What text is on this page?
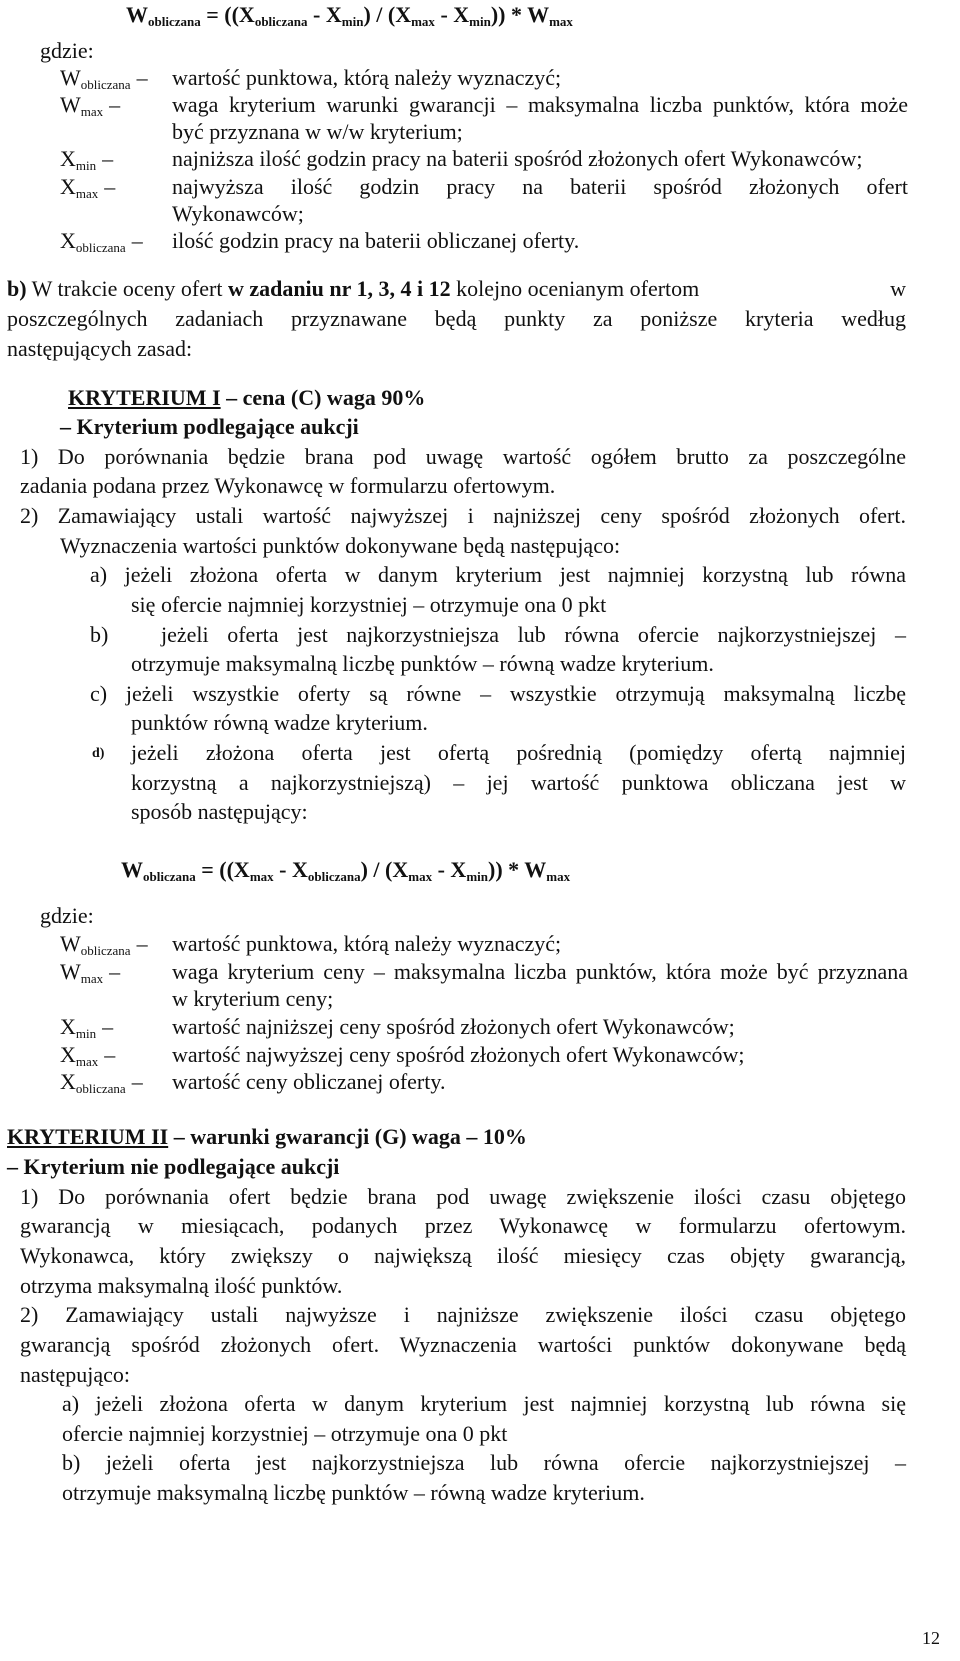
$W_{obliczana} = ((X_{obliczana} - X_{min}) / (X_{max} - X_{min})) * W_{max}$
gdzie:
$W_{obliczana}$ – wartość punktowa, którą należy wyznaczyć;
$W_{max}$ – waga kryterium warunki gwarancji – maksymalna liczba punktów, która może
być przyznana w w/w kryterium;
$X_{min}$ –	najniższa ilość godzin pracy na baterii spośród złożonych ofert Wykonawców;
$X_{max}$ –	najwyższa ilość godzin pracy na baterii spośród złożonych ofert
Wykonawców;
$X_{obliczana}$ – ilość godzin pracy na baterii obliczanej oferty.
b) W trakcie oceny ofert w zadaniu nr 1, 3, 4 i 12 kolejno ocenianym ofertom	w
poszczególnych zadaniach przyznawane będą punkty za poniższe kryteria według
następujących zasad:
KRYTERIUM I – cena (C) waga 90%
– Kryterium podlegające aukcji
1) Do porównania będzie brana pod uwagę wartość ogółem brutto za poszczególne
zadania podana przez Wykonawcę w formularzu ofertowym.
2) Zamawiający ustali wartość najwyższej i najniższej ceny spośród złożonych ofert.
Wyznaczenia wartości punktów dokonywane będą następująco:
a) jeżeli złożona oferta w danym kryterium jest najmniej korzystną lub równa
się ofercie najmniej korzystniej – otrzymuje ona 0 pkt
b) jeżeli oferta jest najkorzystniejsza lub równa ofercie najkorzystniejszej –
otrzymuje maksymalną liczbę punktów – równą wadze kryterium.
c) jeżeli wszystkie oferty są równe – wszystkie otrzymują maksymalną liczbę
punktów równą wadze kryterium.
d) jeżeli złożona oferta jest ofertą pośrednią (pomiędzy ofertą najmniej
korzystną a najkorzystniejszą) – jej wartość punktowa obliczana jest w
sposób następujący:
$W_{obliczana} = ((X_{max} - X_{obliczana}) / (X_{max} - X_{min})) * W_{max}$
gdzie:
$W_{obliczana}$ – wartość punktowa, którą należy wyznaczyć;
$W_{max}$ – waga kryterium ceny – maksymalna liczba punktów, która może być przyznana
w kryterium ceny;
$X_{min}$ –	wartość najniższej ceny spośród złożonych ofert Wykonawców;
$X_{max}$ –	wartość najwyższej ceny spośród złożonych ofert Wykonawców;
$X_{obliczana}$ – wartość ceny obliczanej oferty.
KRYTERIUM II – warunki gwarancji (G) waga – 10%
– Kryterium nie podlegające aukcji
1) Do porównania ofert będzie brana pod uwagę zwiększenie ilości czasu objętego
gwarancją w miesiącach, podanych przez Wykonawcę w formularzu ofertowym.
Wykonawca, który zwiększy o największą ilość miesięcy czas objęty gwarancją,
otrzyma maksymalną ilość punktów.
2) Zamawiający ustali najwyższe i najniższe zwiększenie ilości czasu objętego
gwarancją spośród złożonych ofert. Wyznaczenia wartości punktów dokonywane będą
następująco:
a) jeżeli złożona oferta w danym kryterium jest najmniej korzystną lub równa się
ofercie najmniej korzystniej – otrzymuje ona 0 pkt
b) jeżeli oferta jest najkorzystniejsza lub równa ofercie najkorzystniejszej –
otrzymuje maksymalną liczbę punktów – równą wadze kryterium.
12
